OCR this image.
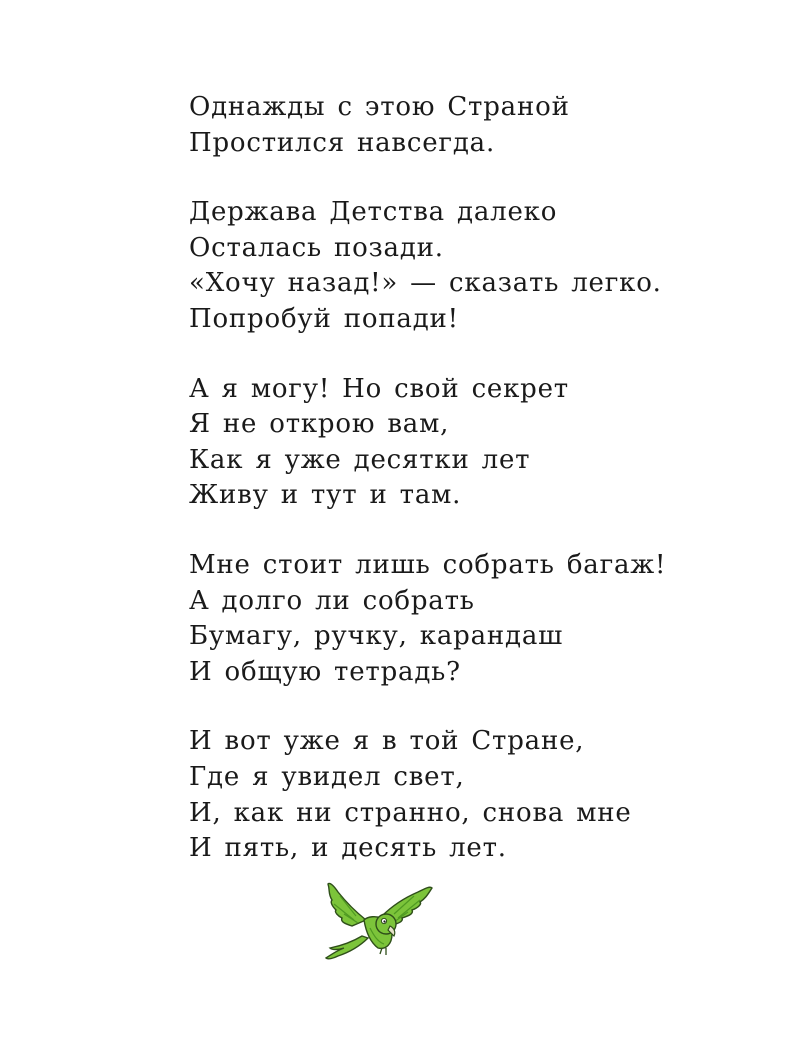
Однажды с этою Страной
Простился навсегда.
Держава Детства далеко
Осталась позади.
«Хочу назад!» — сказать легко.
Попробуй попади!
А я могу! Но свой секрет
Я не открою вам,
Как я уже десятки лет
Живу и тут и там.
Мне стоит лишь собрать багаж!
А долго ли собрать
Бумагу, ручку, карандаш
И общую тетрадь?
И вот уже я в той Стране,
Где я увидел свет,
И, как ни странно, снова мне
И пять, и десять лет.
